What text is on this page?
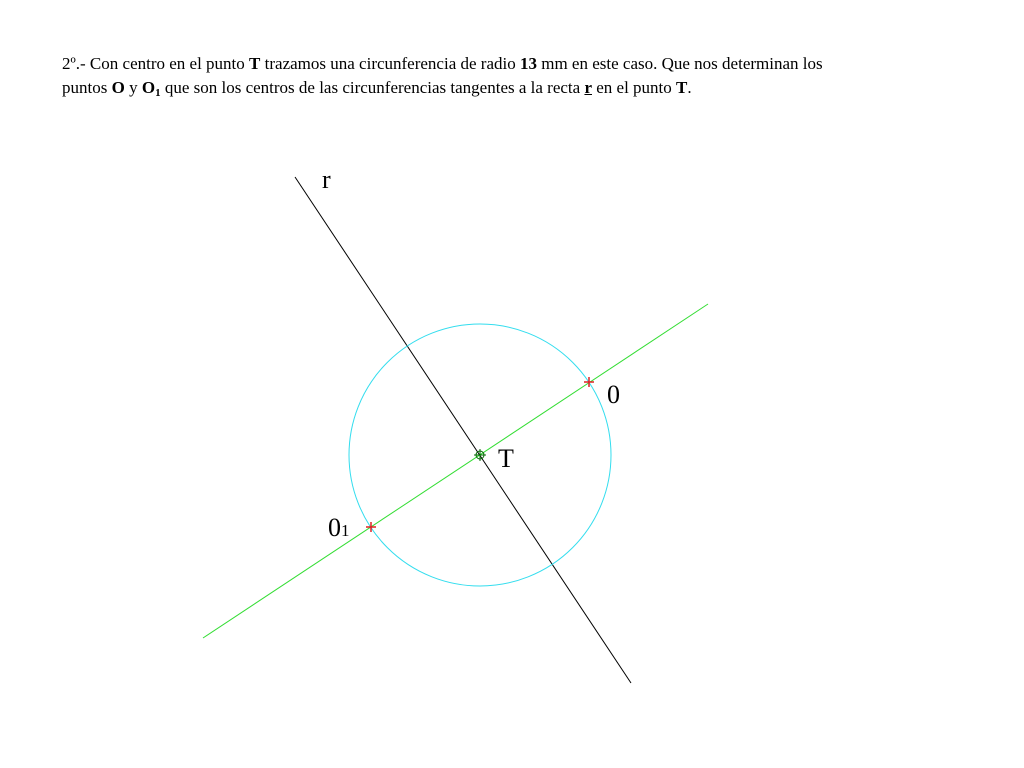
2º.- Con centro en el punto T trazamos una circunferencia de radio 13 mm en este caso. Que nos determinan los
puntos O y $O_1$ que son los centros de las circunferencias tangentes a la recta r en el punto T.

r
T
0
01
